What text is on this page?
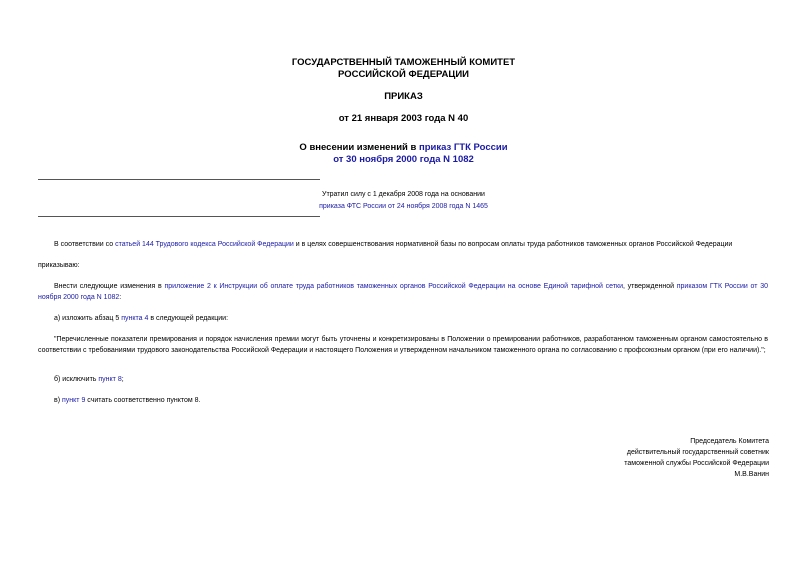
ГОСУДАРСТВЕННЫЙ ТАМОЖЕННЫЙ КОМИТЕТ
РОССИЙСКОЙ ФЕДЕРАЦИИ
ПРИКАЗ
от 21 января 2003 года N 40
О внесении изменений в приказ ГТК России
от 30 ноября 2000 года N 1082
Утратил силу с 1 декабря 2008 года на основании
приказа ФТС России от 24 ноября 2008 года N 1465
В соответствии со статьей 144 Трудового кодекса Российской Федерации и в целях совершенствования нормативной базы по вопросам оплаты труда работников таможенных органов Российской Федерации
приказываю:
Внести следующие изменения в приложение 2 к Инструкции об оплате труда работников таможенных органов Российской Федерации на основе Единой тарифной сетки, утвержденной приказом ГТК России от 30 ноября 2000 года N 1082:
а) изложить абзац 5 пункта 4 в следующей редакции:
"Перечисленные показатели премирования и порядок начисления премии могут быть уточнены и конкретизированы в Положении о премировании работников, разработанном таможенным органом самостоятельно в соответствии с требованиями трудового законодательства Российской Федерации и настоящего Положения и утвержденном начальником таможенного органа по согласованию с профсоюзным органом (при его наличии).";
б) исключить пункт 8;
в) пункт 9 считать соответственно пунктом 8.
Председатель Комитета
действительный государственный советник
таможенной службы Российской Федерации
М.В.Ванин
